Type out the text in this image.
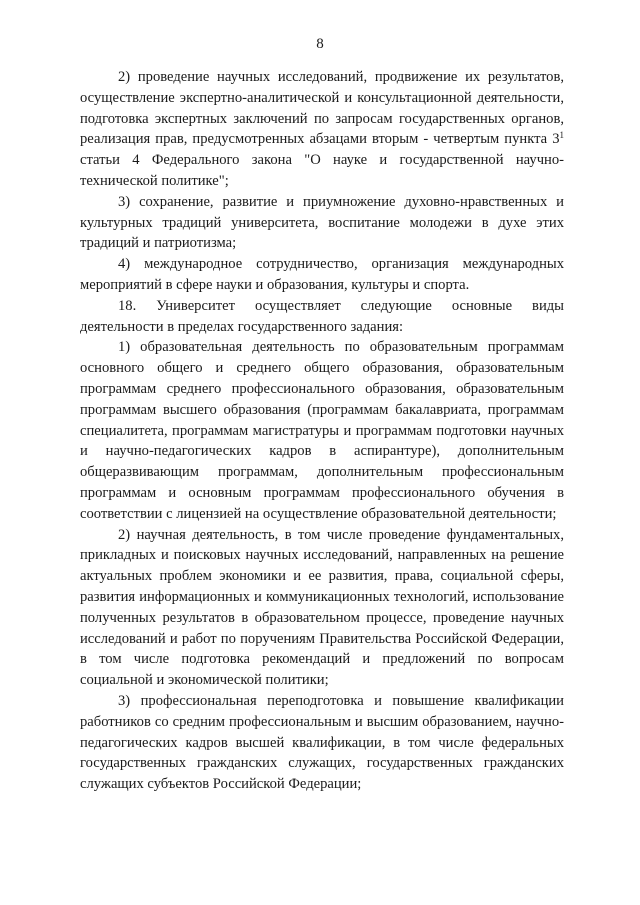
8

2) проведение научных исследований, продвижение их результатов, осуществление экспертно-аналитической и консультационной деятельности, подготовка экспертных заключений по запросам государственных органов, реализация прав, предусмотренных абзацами вторым - четвертым пункта $3^1$ статьи 4 Федерального закона "О науке и государственной научно-технической политике";

3) сохранение, развитие и приумножение духовно-нравственных и культурных традиций университета, воспитание молодежи в духе этих традиций и патриотизма;

4) международное сотрудничество, организация международных мероприятий в сфере науки и образования, культуры и спорта.

18. Университет осуществляет следующие основные виды деятельности в пределах государственного задания:

1) образовательная деятельность по образовательным программам основного общего и среднего общего образования, образовательным программам среднего профессионального образования, образовательным программам высшего образования (программам бакалавриата, программам специалитета, программам магистратуры и программам подготовки научных и научно-педагогических кадров в аспирантуре), дополнительным общеразвивающим программам, дополнительным профессиональным программам и основным программам профессионального обучения в соответствии с лицензией на осуществление образовательной деятельности;

2) научная деятельность, в том числе проведение фундаментальных, прикладных и поисковых научных исследований, направленных на решение актуальных проблем экономики и ее развития, права, социальной сферы, развития информационных и коммуникационных технологий, использование полученных результатов в образовательном процессе, проведение научных исследований и работ по поручениям Правительства Российской Федерации, в том числе подготовка рекомендаций и предложений по вопросам социальной и экономической политики;

3) профессиональная переподготовка и повышение квалификации работников со средним профессиональным и высшим образованием, научно-педагогических кадров высшей квалификации, в том числе федеральных государственных гражданских служащих, государственных гражданских служащих субъектов Российской Федерации;
